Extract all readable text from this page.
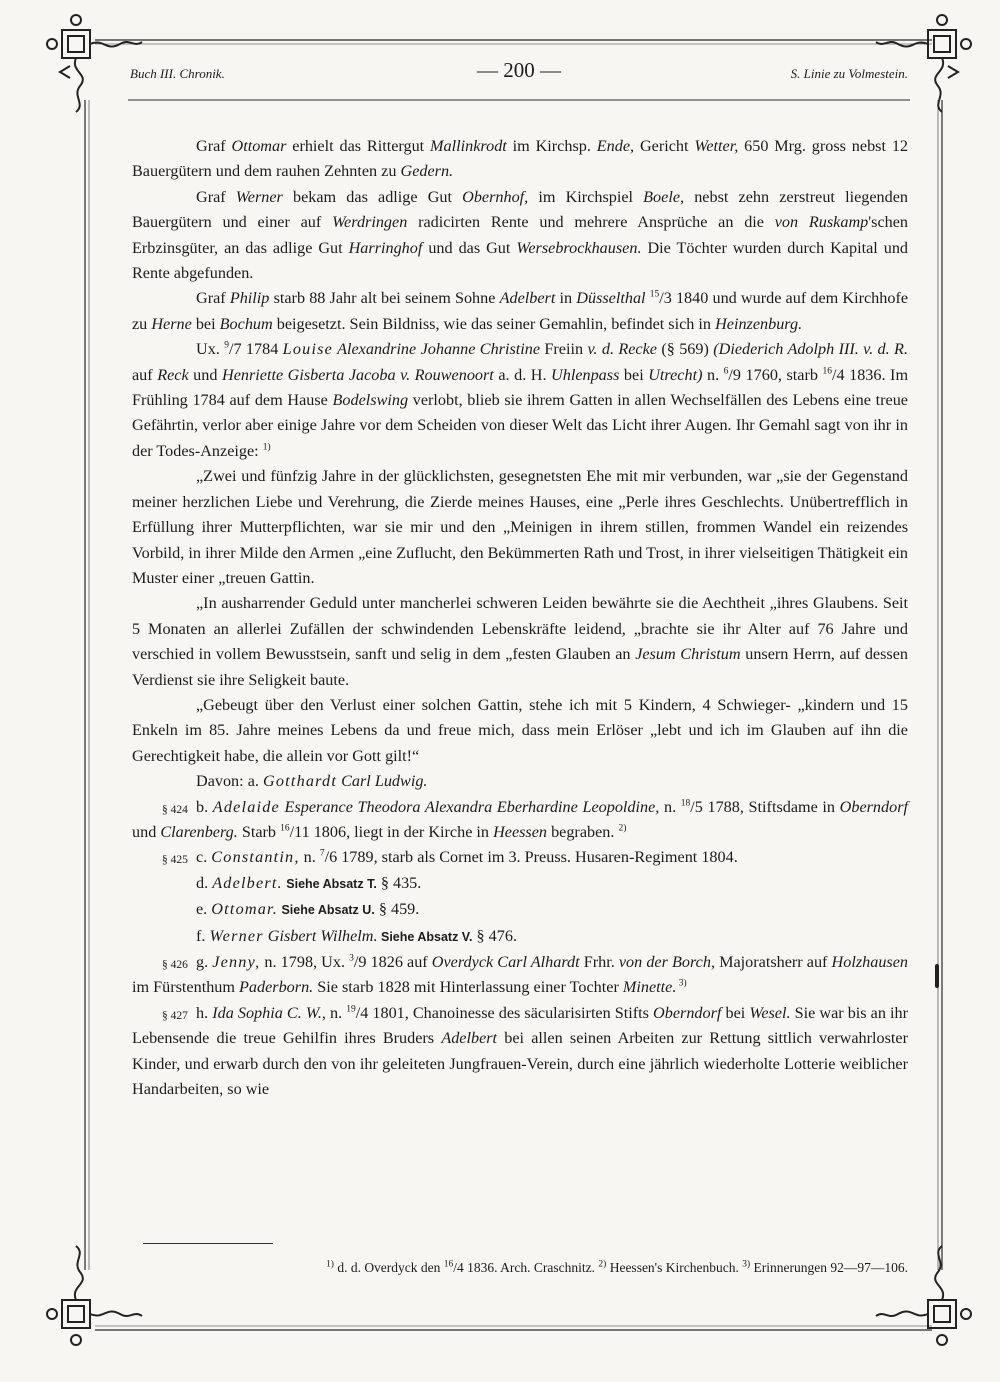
Buch III. Chronik.	— 200 —	S. Linie zu Volmestein.

Graf Ottomar erhielt das Rittergut Mallinkrodt im Kirchsp. Ende, Gericht Wetter, 650 Mrg. gross nebst 12 Bauergütern und dem rauhen Zehnten zu Gedern.

Graf Werner bekam das adlige Gut Obernhof, im Kirchspiel Boele, nebst zehn zerstreut liegenden Bauergütern und einer auf Werdringen radicirten Rente und mehrere Ansprüche an die von Ruskamp'schen Erbzinsgüter, an das adlige Gut Harringhof und das Gut Wersebrockhausen. Die Töchter wurden durch Kapital und Rente abgefunden.

Graf Philip starb 88 Jahr alt bei seinem Sohne Adelbert in Düsselthal $^{15}$/3 1840 und wurde auf dem Kirchhofe zu Herne bei Bochum beigesetzt. Sein Bildniss, wie das seiner Gemahlin, befindet sich in Heinzenburg.

Ux. $^9$/7 1784 Louise Alexandrine Johanne Christine Freiin v. d. Recke (§ 569) (Diederich Adolph III. v. d. R. auf Reck und Henriette Gisberta Jacoba v. Rouwenoort a. d. H. Uhlenpass bei Utrecht) n. $^6$/9 1760, starb $^{16}$/4 1836. Im Frühling 1784 auf dem Hause Bodelswing verlobt, blieb sie ihrem Gatten in allen Wechselfällen des Lebens eine treue Gefährtin, verlor aber einige Jahre vor dem Scheiden von dieser Welt das Licht ihrer Augen. Ihr Gemahl sagt von ihr in der Todes-Anzeige: $^{1)}$

„Zwei und fünfzig Jahre in der glücklichsten, gesegnetsten Ehe mit mir verbunden, war „sie der Gegenstand meiner herzlichen Liebe und Verehrung, die Zierde meines Hauses, eine „Perle ihres Geschlechts. Unübertrefflich in Erfüllung ihrer Mutterpflichten, war sie mir und den „Meinigen in ihrem stillen, frommen Wandel ein reizendes Vorbild, in ihrer Milde den Armen „eine Zuflucht, den Bekümmerten Rath und Trost, in ihrer vielseitigen Thätigkeit ein Muster einer „treuen Gattin.

„In ausharrender Geduld unter mancherlei schweren Leiden bewährte sie die Aechtheit „ihres Glaubens. Seit 5 Monaten an allerlei Zufällen der schwindenden Lebenskräfte leidend, „brachte sie ihr Alter auf 76 Jahre und verschied in vollem Bewusstsein, sanft und selig in dem „festen Glauben an Jesum Christum unsern Herrn, auf dessen Verdienst sie ihre Seligkeit baute.

„Gebeugt über den Verlust einer solchen Gattin, stehe ich mit 5 Kindern, 4 Schwieger- „kindern und 15 Enkeln im 85. Jahre meines Lebens da und freue mich, dass mein Erlöser „lebt und ich im Glauben auf ihn die Gerechtigkeit habe, die allein vor Gott gilt!“

Davon: a. Gotthardt Carl Ludwig.

§ 424 b. Adelaide Esperance Theodora Alexandra Eberhardine Leopoldine, n. $^{18}$/5 1788, Stiftsdame in Oberndorf und Clarenberg. Starb $^{16}$/11 1806, liegt in der Kirche in Heessen begraben. $^{2)}$

§ 425 c. Constantin, n. $^7$/6 1789, starb als Cornet im 3. Preuss. Husaren-Regiment 1804.

d. Adelbert. Siehe Absatz T. § 435.

e. Ottomar. Siehe Absatz U. § 459.

f. Werner Gisbert Wilhelm. Siehe Absatz V. § 476.

§ 426 g. Jenny, n. 1798, Ux. $^3$/9 1826 auf Overdyck Carl Alhardt Frhr. von der Borch, Majoratsherr auf Holzhausen im Fürstenthum Paderborn. Sie starb 1828 mit Hinterlassung einer Tochter Minette. $^{3)}$

§ 427 h. Ida Sophia C. W., n. $^{19}$/4 1801, Chanoinesse des säcularisirten Stifts Oberndorf bei Wesel. Sie war bis an ihr Lebensende die treue Gehilfin ihres Bruders Adelbert bei allen seinen Arbeiten zur Rettung sittlich verwahrloster Kinder, und erwarb durch den von ihr geleiteten Jungfrauen-Verein, durch eine jährlich wiederholte Lotterie weiblicher Handarbeiten, so wie

$^{1)}$ d. d. Overdyck den $^{16}$/4 1836. Arch. Craschnitz. $^{2)}$ Heessen's Kirchenbuch. $^{3)}$ Erinnerungen 92—97—106.
